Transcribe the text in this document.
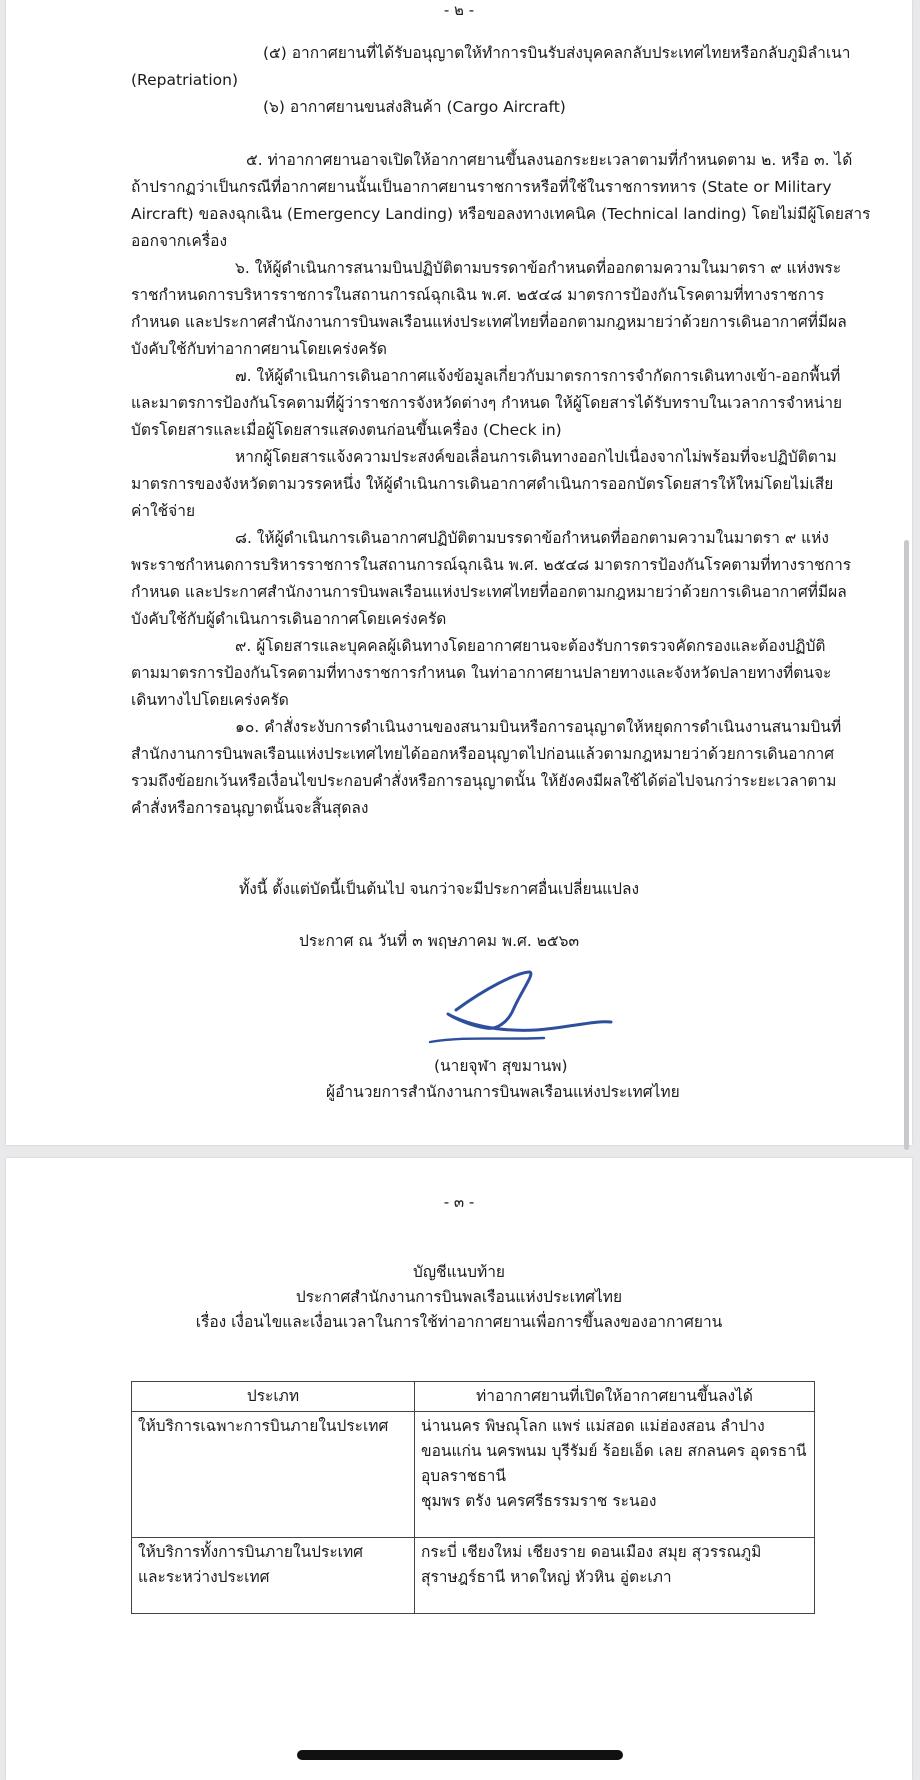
- ๒ -
(๕) อากาศยานที่ได้รับอนุญาตให้ทำการบินรับส่งบุคคลกลับประเทศไทยหรือกลับภูมิลำเนา
(Repatriation)
(๖) อากาศยานขนส่งสินค้า (Cargo Aircraft)
๕. ท่าอากาศยานอาจเปิดให้อากาศยานขึ้นลงนอกระยะเวลาตามที่กำหนดตาม ๒. หรือ ๓. ได้
ถ้าปรากฏว่าเป็นกรณีที่อากาศยานนั้นเป็นอากาศยานราชการหรือที่ใช้ในราชการทหาร (State or Military
Aircraft) ขอลงฉุกเฉิน (Emergency Landing) หรือขอลงทางเทคนิค (Technical landing) โดยไม่มีผู้โดยสาร
ออกจากเครื่อง
๖. ให้ผู้ดำเนินการสนามบินปฏิบัติตามบรรดาข้อกำหนดที่ออกตามความในมาตรา ๙ แห่งพระ
ราชกำหนดการบริหารราชการในสถานการณ์ฉุกเฉิน พ.ศ. ๒๕๔๘ มาตรการป้องกันโรคตามที่ทางราชการ
กำหนด และประกาศสำนักงานการบินพลเรือนแห่งประเทศไทยที่ออกตามกฎหมายว่าด้วยการเดินอากาศที่มีผล
บังคับใช้กับท่าอากาศยานโดยเคร่งครัด
๗. ให้ผู้ดำเนินการเดินอากาศแจ้งข้อมูลเกี่ยวกับมาตรการการจำกัดการเดินทางเข้า-ออกพื้นที่
และมาตรการป้องกันโรคตามที่ผู้ว่าราชการจังหวัดต่างๆ กำหนด ให้ผู้โดยสารได้รับทราบในเวลาการจำหน่าย
บัตรโดยสารและเมื่อผู้โดยสารแสดงตนก่อนขึ้นเครื่อง (Check in)
หากผู้โดยสารแจ้งความประสงค์ขอเลื่อนการเดินทางออกไปเนื่องจากไม่พร้อมที่จะปฏิบัติตาม
มาตรการของจังหวัดตามวรรคหนึ่ง ให้ผู้ดำเนินการเดินอากาศดำเนินการออกบัตรโดยสารให้ใหม่โดยไม่เสีย
ค่าใช้จ่าย
๘. ให้ผู้ดำเนินการเดินอากาศปฏิบัติตามบรรดาข้อกำหนดที่ออกตามความในมาตรา ๙ แห่ง
พระราชกำหนดการบริหารราชการในสถานการณ์ฉุกเฉิน พ.ศ. ๒๕๔๘ มาตรการป้องกันโรคตามที่ทางราชการ
กำหนด และประกาศสำนักงานการบินพลเรือนแห่งประเทศไทยที่ออกตามกฎหมายว่าด้วยการเดินอากาศที่มีผล
บังคับใช้กับผู้ดำเนินการเดินอากาศโดยเคร่งครัด
๙. ผู้โดยสารและบุคคลผู้เดินทางโดยอากาศยานจะต้องรับการตรวจคัดกรองและต้องปฏิบัติ
ตามมาตรการป้องกันโรคตามที่ทางราชการกำหนด ในท่าอากาศยานปลายทางและจังหวัดปลายทางที่ตนจะ
เดินทางไปโดยเคร่งครัด
๑๐. คำสั่งระงับการดำเนินงานของสนามบินหรือการอนุญาตให้หยุดการดำเนินงานสนามบินที่
สำนักงานการบินพลเรือนแห่งประเทศไทยได้ออกหรืออนุญาตไปก่อนแล้วตามกฎหมายว่าด้วยการเดินอากาศ
รวมถึงข้อยกเว้นหรือเงื่อนไขประกอบคำสั่งหรือการอนุญาตนั้น ให้ยังคงมีผลใช้ได้ต่อไปจนกว่าระยะเวลาตาม
คำสั่งหรือการอนุญาตนั้นจะสิ้นสุดลง
ทั้งนี้ ตั้งแต่บัดนี้เป็นต้นไป จนกว่าจะมีประกาศอื่นเปลี่ยนแปลง
ประกาศ ณ วันที่ ๓ พฤษภาคม พ.ศ. ๒๕๖๓
(นายจุฬา สุขมานพ)
ผู้อำนวยการสำนักงานการบินพลเรือนแห่งประเทศไทย
- ๓ -
บัญชีแนบท้าย
ประกาศสำนักงานการบินพลเรือนแห่งประเทศไทย
เรื่อง เงื่อนไขและเงื่อนเวลาในการใช้ท่าอากาศยานเพื่อการขึ้นลงของอากาศยาน
ประเภท	ท่าอากาศยานที่เปิดให้อากาศยานขึ้นลงได้

ให้บริการเฉพาะการบินภายในประเทศ	น่านนคร พิษณุโลก แพร่ แม่สอด แม่ฮ่องสอน ลำปาง
ขอนแก่น นครพนม บุรีรัมย์ ร้อยเอ็ด เลย สกลนคร อุดรธานี
อุบลราชธานี
ชุมพร ตรัง นครศรีธรรมราช ระนอง

ให้บริการทั้งการบินภายในประเทศ
และระหว่างประเทศ	กระบี่ เชียงใหม่ เชียงราย ดอนเมือง สมุย สุวรรณภูมิ
สุราษฎร์ธานี หาดใหญ่ หัวหิน อู่ตะเภา
